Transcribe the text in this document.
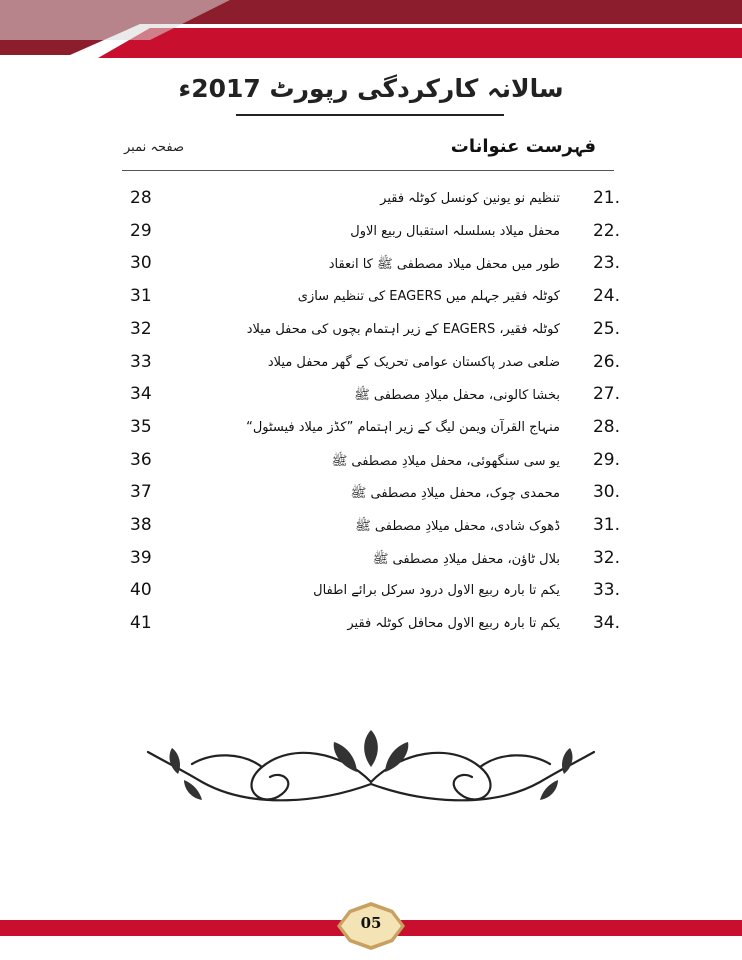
سالانہ کارکردگی رپورٹ 2017ء
فہرست عنوانات
صفحہ نمبر
28	تنظیم نو یونین کونسل کوٹلہ فقیر 21.
29	محفل میلاد بسلسلہ استقبال ربیع الاول 22.
30	طور میں محفل میلاد مصطفی ﷺ کا انعقاد 23.
31	کوٹلہ فقیر جہلم میں EAGERS کی تنظیم سازی 24.
32	کوٹلہ فقیر، EAGERS کے زیر اہتمام بچوں کی محفل میلاد 25.
33	ضلعی صدر پاکستان عوامی تحریک کے گھر محفل میلاد 26.
34	بخشا کالونی، محفل میلادِ مصطفی ﷺ 27.
35	منہاج القرآن ویمن لیگ کے زیر اہتمام ”کڈز میلاد فیسٹول“ 28.
36	یو سی سنگھوئی، محفل میلادِ مصطفی ﷺ 29.
37	محمدی چوک، محفل میلادِ مصطفی ﷺ 30.
38	ڈھوک شادی، محفل میلادِ مصطفی ﷺ 31.
39	بلال ٹاؤن، محفل میلادِ مصطفی ﷺ 32.
40	یکم تا بارہ ربیع الاول درود سرکل برائے اطفال 33.
41	یکم تا بارہ ربیع الاول محافل کوٹلہ فقیر 34.
05
